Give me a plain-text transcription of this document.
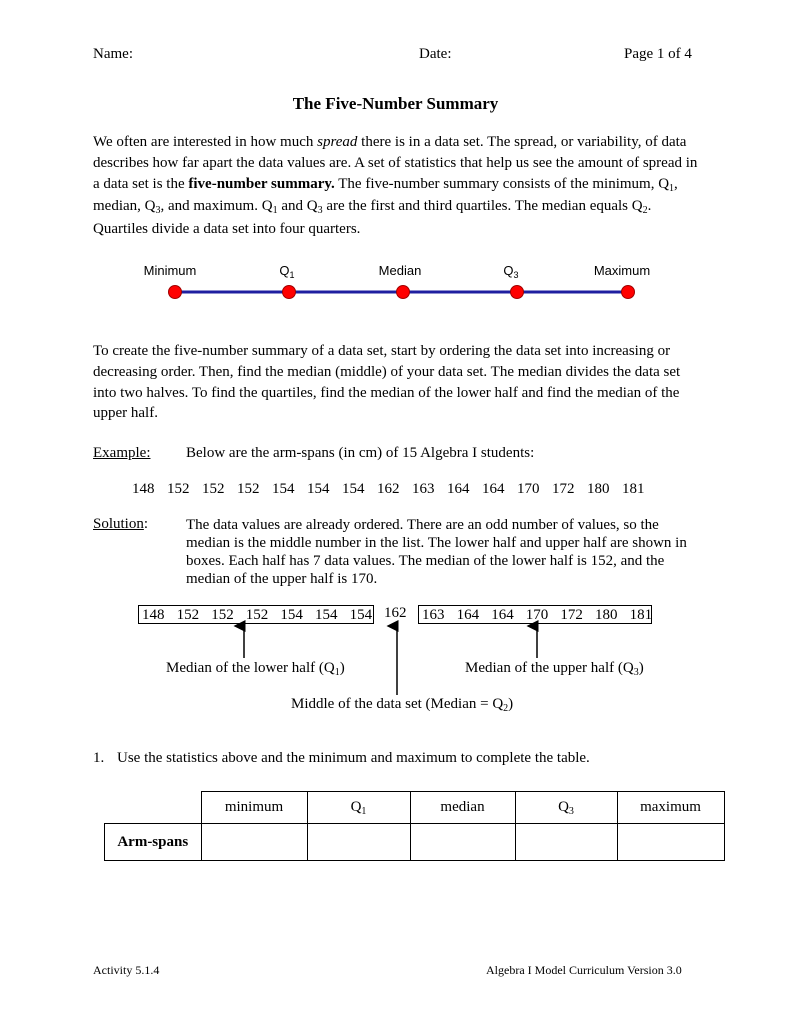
Name:	Date:	Page 1 of 4
The Five-Number Summary
We often are interested in how much spread there is in a data set. The spread, or variability, of data describes how far apart the data values are. A set of statistics that help us see the amount of spread in a data set is the five-number summary. The five-number summary consists of the minimum, $Q_1$, median, $Q_3$, and maximum. $Q_1$ and $Q_3$ are the first and third quartiles. The median equals $Q_2$. Quartiles divide a data set into four quarters.
Minimum	$Q_1$	Median	$Q_3$	Maximum
To create the five-number summary of a data set, start by ordering the data set into increasing or decreasing order. Then, find the median (middle) of your data set. The median divides the data set into two halves. To find the quartiles, find the median of the lower half and find the median of the upper half.
Example: Below are the arm-spans (in cm) of 15 Algebra I students:
148 152 152 152 154 154 154 162 163 164 164 170 172 180 181
Solution:	The data values are already ordered. There are an odd number of values, so the median is the middle number in the list. The lower half and upper half are shown in boxes. Each half has 7 data values. The median of the lower half is 152, and the median of the upper half is 170.
148 152 152 152 154 154 154 162 163 164 164 170 172 180 181
Median of the lower half $(Q_1)$	Median of the upper half $(Q_3)$
Middle of the data set (Median = $Q_2$)
1. Use the statistics above and the minimum and maximum to complete the table.
	minimum	$Q_1$	median	$Q_3$	maximum
Arm-spans					
Activity 5.1.4	Algebra I Model Curriculum Version 3.0
